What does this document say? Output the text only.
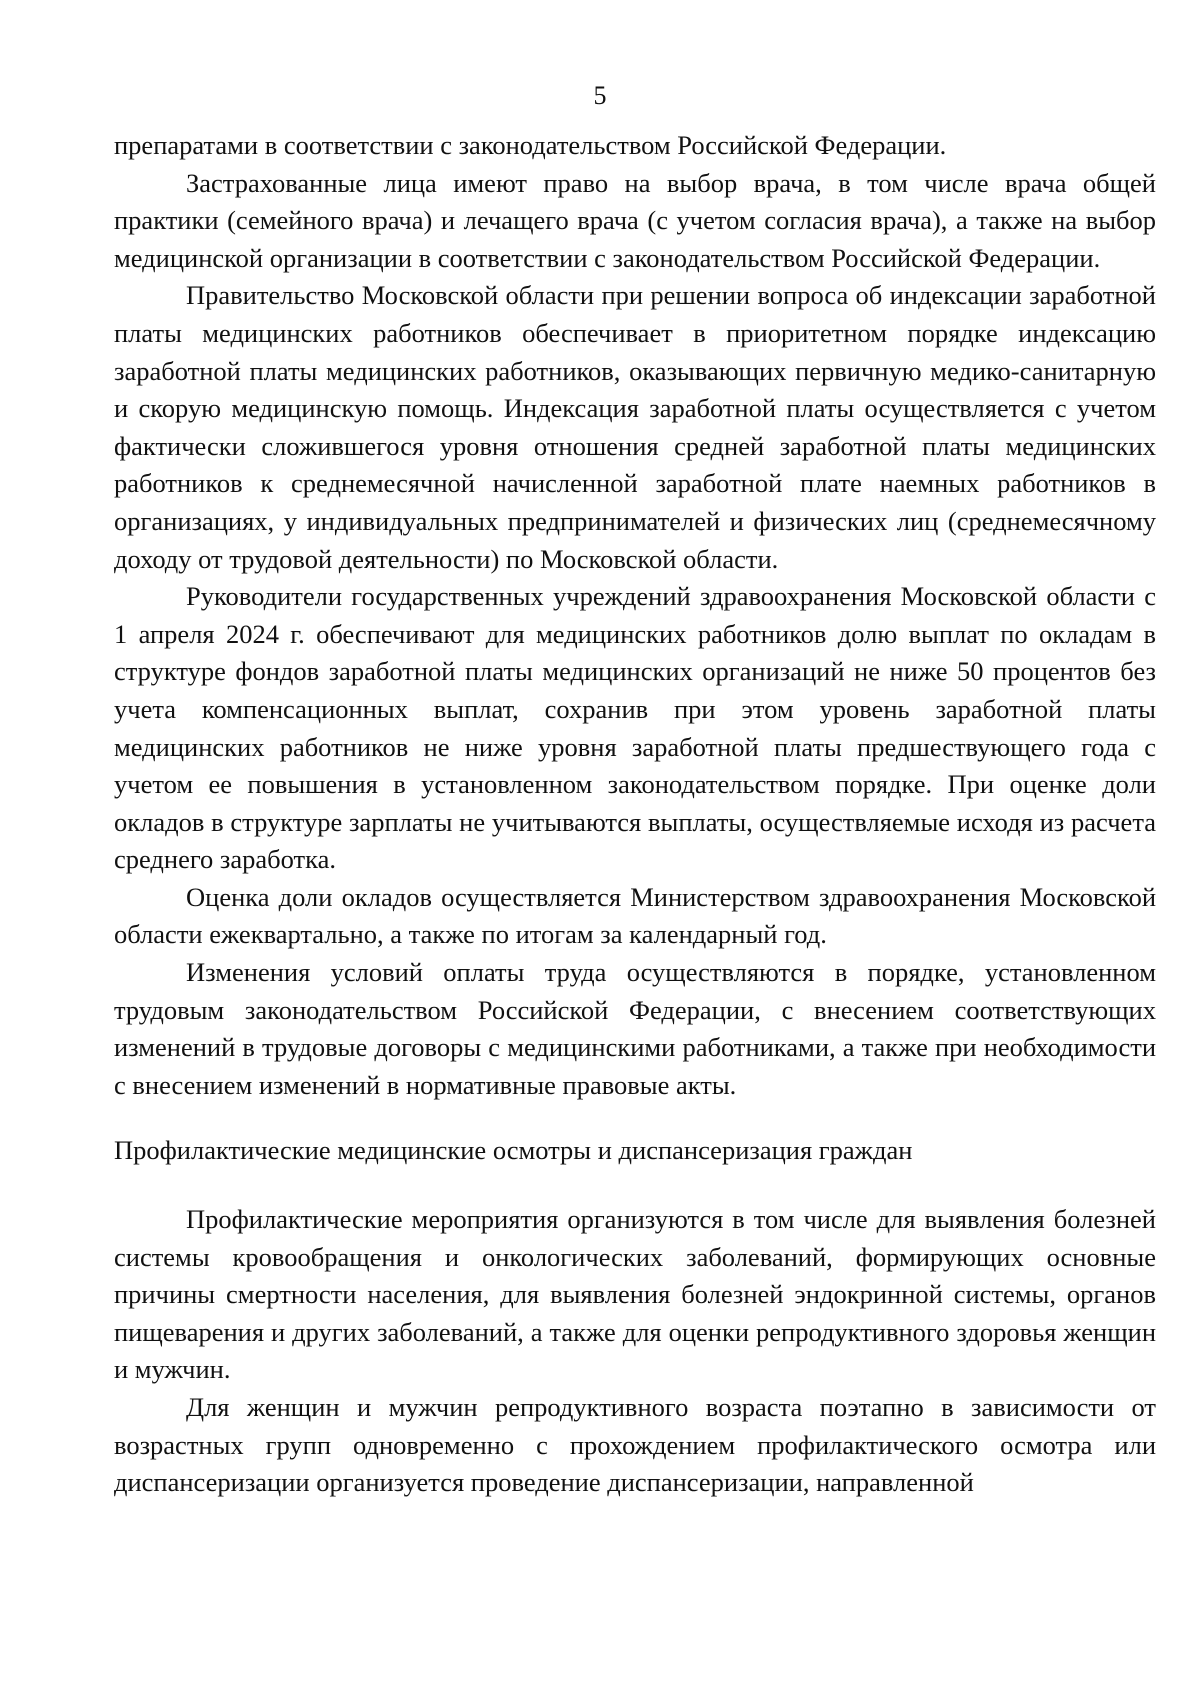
5

препаратами в соответствии с законодательством Российской Федерации.

Застрахованные лица имеют право на выбор врача, в том числе врача общей практики (семейного врача) и лечащего врача (с учетом согласия врача), а также на выбор медицинской организации в соответствии с законодательством Российской Федерации.

Правительство Московской области при решении вопроса об индексации заработной платы медицинских работников обеспечивает в приоритетном порядке индексацию заработной платы медицинских работников, оказывающих первичную медико-санитарную и скорую медицинскую помощь. Индексация заработной платы осуществляется с учетом фактически сложившегося уровня отношения средней заработной платы медицинских работников к среднемесячной начисленной заработной плате наемных работников в организациях, у индивидуальных предпринимателей и физических лиц (среднемесячному доходу от трудовой деятельности) по Московской области.

Руководители государственных учреждений здравоохранения Московской области с 1 апреля 2024 г. обеспечивают для медицинских работников долю выплат по окладам в структуре фондов заработной платы медицинских организаций не ниже 50 процентов без учета компенсационных выплат, сохранив при этом уровень заработной платы медицинских работников не ниже уровня заработной платы предшествующего года с учетом ее повышения в установленном законодательством порядке. При оценке доли окладов в структуре зарплаты не учитываются выплаты, осуществляемые исходя из расчета среднего заработка.

Оценка доли окладов осуществляется Министерством здравоохранения Московской области ежеквартально, а также по итогам за календарный год.

Изменения условий оплаты труда осуществляются в порядке, установленном трудовым законодательством Российской Федерации, с внесением соответствующих изменений в трудовые договоры с медицинскими работниками, а также при необходимости с внесением изменений в нормативные правовые акты.

Профилактические медицинские осмотры и диспансеризация граждан

Профилактические мероприятия организуются в том числе для выявления болезней системы кровообращения и онкологических заболеваний, формирующих основные причины смертности населения, для выявления болезней эндокринной системы, органов пищеварения и других заболеваний, а также для оценки репродуктивного здоровья женщин и мужчин.

Для женщин и мужчин репродуктивного возраста поэтапно в зависимости от возрастных групп одновременно с прохождением профилактического осмотра или диспансеризации организуется проведение диспансеризации, направленной
